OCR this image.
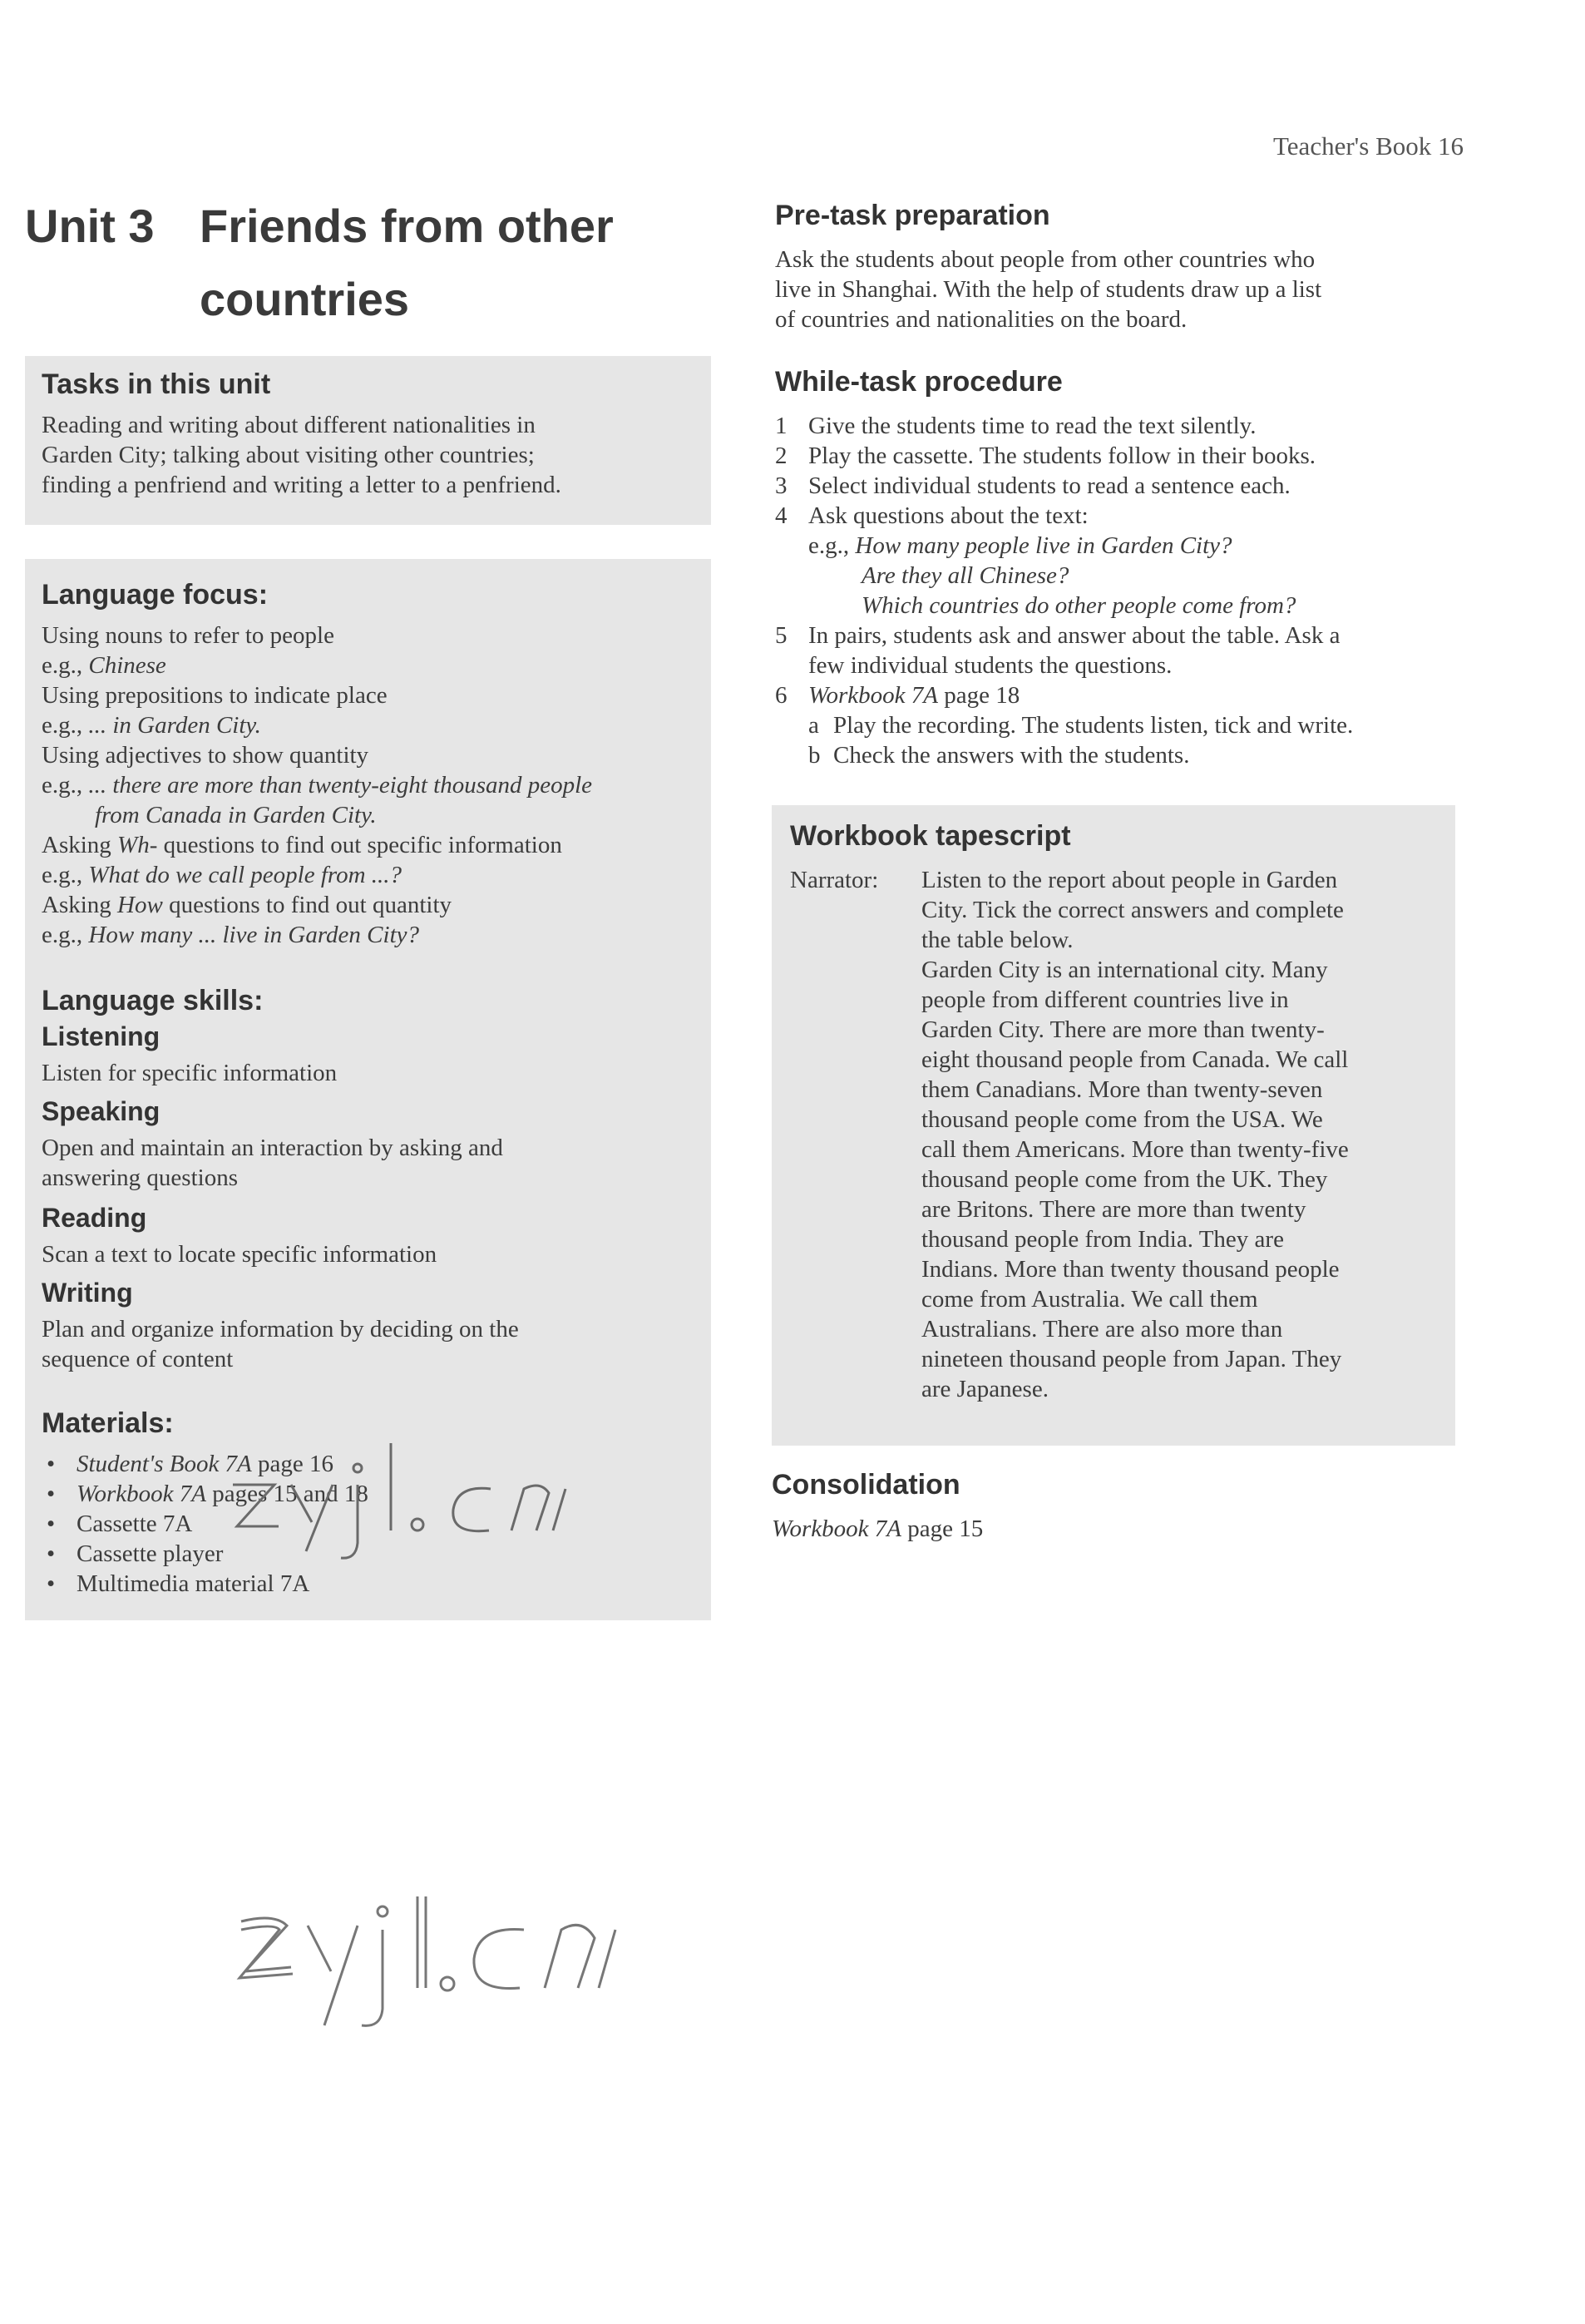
Teacher's Book 16
Unit 3 Friends from other
countries
Tasks in this unit
Reading and writing about different nationalities in
Garden City; talking about visiting other countries;
finding a penfriend and writing a letter to a penfriend.
Language focus:
Using nouns to refer to people
e.g., Chinese
Using prepositions to indicate place
e.g., ... in Garden City.
Using adjectives to show quantity
e.g., ... there are more than twenty-eight thousand people
from Canada in Garden City.
Asking Wh- questions to find out specific information
e.g., What do we call people from ...?
Asking How questions to find out quantity
e.g., How many ... live in Garden City?
Language skills:
Listening
Listen for specific information
Speaking
Open and maintain an interaction by asking and
answering questions
Reading
Scan a text to locate specific information
Writing
Plan and organize information by deciding on the
sequence of content
Materials:
• Student's Book 7A page 16
• Workbook 7A pages 15 and 18
• Cassette 7A
• Cassette player
• Multimedia material 7A
Pre-task preparation
Ask the students about people from other countries who
live in Shanghai. With the help of students draw up a list
of countries and nationalities on the board.
While-task procedure
1 Give the students time to read the text silently.
2 Play the cassette. The students follow in their books.
3 Select individual students to read a sentence each.
4 Ask questions about the text:
e.g., How many people live in Garden City?
Are they all Chinese?
Which countries do other people come from?
5 In pairs, students ask and answer about the table. Ask a
few individual students the questions.
6 Workbook 7A page 18
a Play the recording. The students listen, tick and write.
b Check the answers with the students.
Workbook tapescript
Narrator: Listen to the report about people in Garden
City. Tick the correct answers and complete
the table below.
Garden City is an international city. Many
people from different countries live in
Garden City. There are more than twenty-
eight thousand people from Canada. We call
them Canadians. More than twenty-seven
thousand people come from the USA. We
call them Americans. More than twenty-five
thousand people come from the UK. They
are Britons. There are more than twenty
thousand people from India. They are
Indians. More than twenty thousand people
come from Australia. We call them
Australians. There are also more than
nineteen thousand people from Japan. They
are Japanese.
Consolidation
Workbook 7A page 15
